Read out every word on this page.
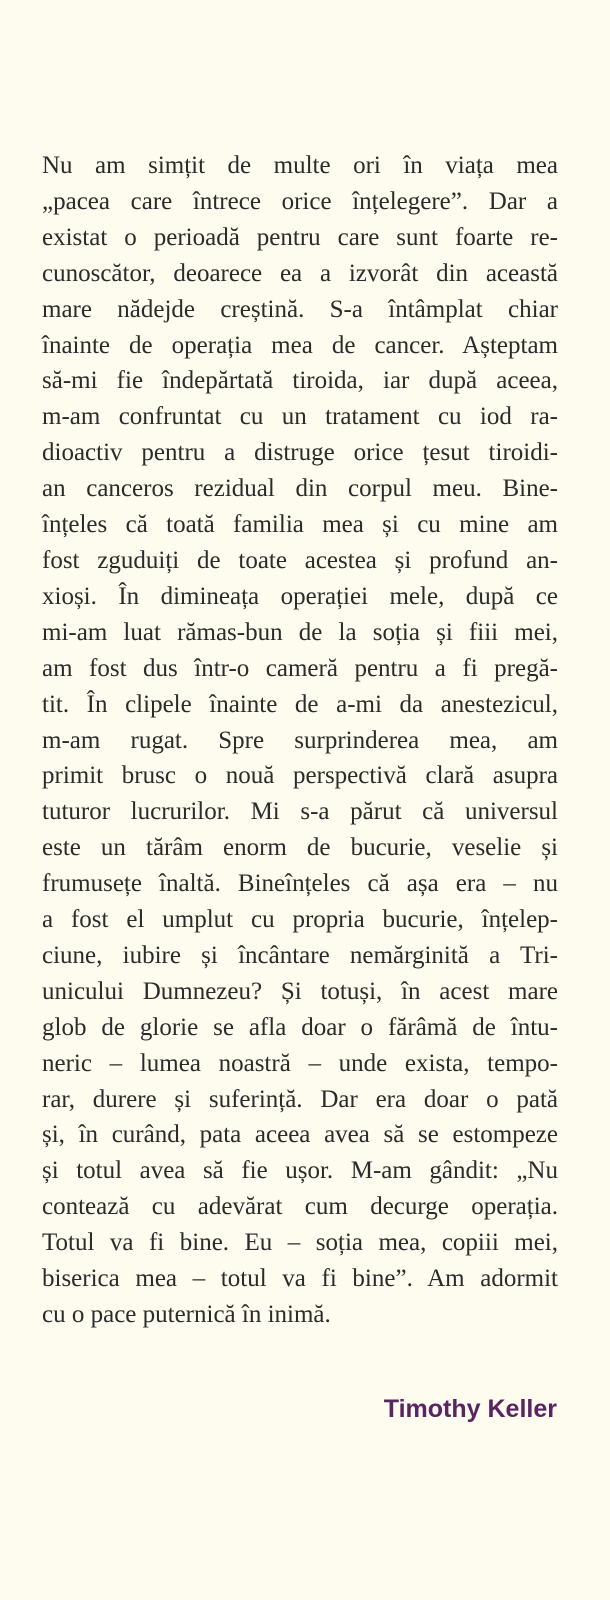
Nu am simțit de multe ori în viața mea
„pacea care întrece orice înțelegere”. Dar a
existat o perioadă pentru care sunt foarte re-
cunoscător, deoarece ea a izvorât din această
mare nădejde creștină. S-a întâmplat chiar
înainte de operația mea de cancer. Așteptam
să-mi fie îndepărtată tiroida, iar după aceea,
m-am confruntat cu un tratament cu iod ra-
dioactiv pentru a distruge orice țesut tiroidi-
an canceros rezidual din corpul meu. Bine-
înțeles că toată familia mea și cu mine am
fost zguduiți de toate acestea și profund an-
xioși. În dimineața operației mele, după ce
mi-am luat rămas-bun de la soția și fiii mei,
am fost dus într-o cameră pentru a fi pregă-
tit. În clipele înainte de a-mi da anestezicul,
m-am rugat. Spre surprinderea mea, am
primit brusc o nouă perspectivă clară asupra
tuturor lucrurilor. Mi s-a părut că universul
este un tărâm enorm de bucurie, veselie și
frumusețe înaltă. Bineînțeles că așa era – nu
a fost el umplut cu propria bucurie, înțelep-
ciune, iubire și încântare nemărginită a Tri-
unicului Dumnezeu? Și totuși, în acest mare
glob de glorie se afla doar o fărâmă de întu-
neric – lumea noastră – unde exista, tempo-
rar, durere și suferință. Dar era doar o pată
și, în curând, pata aceea avea să se estompeze
și totul avea să fie ușor. M-am gândit: „Nu
contează cu adevărat cum decurge operația.
Totul va fi bine. Eu – soția mea, copiii mei,
biserica mea – totul va fi bine”. Am adormit
cu o pace puternică în inimă.

Timothy Keller
